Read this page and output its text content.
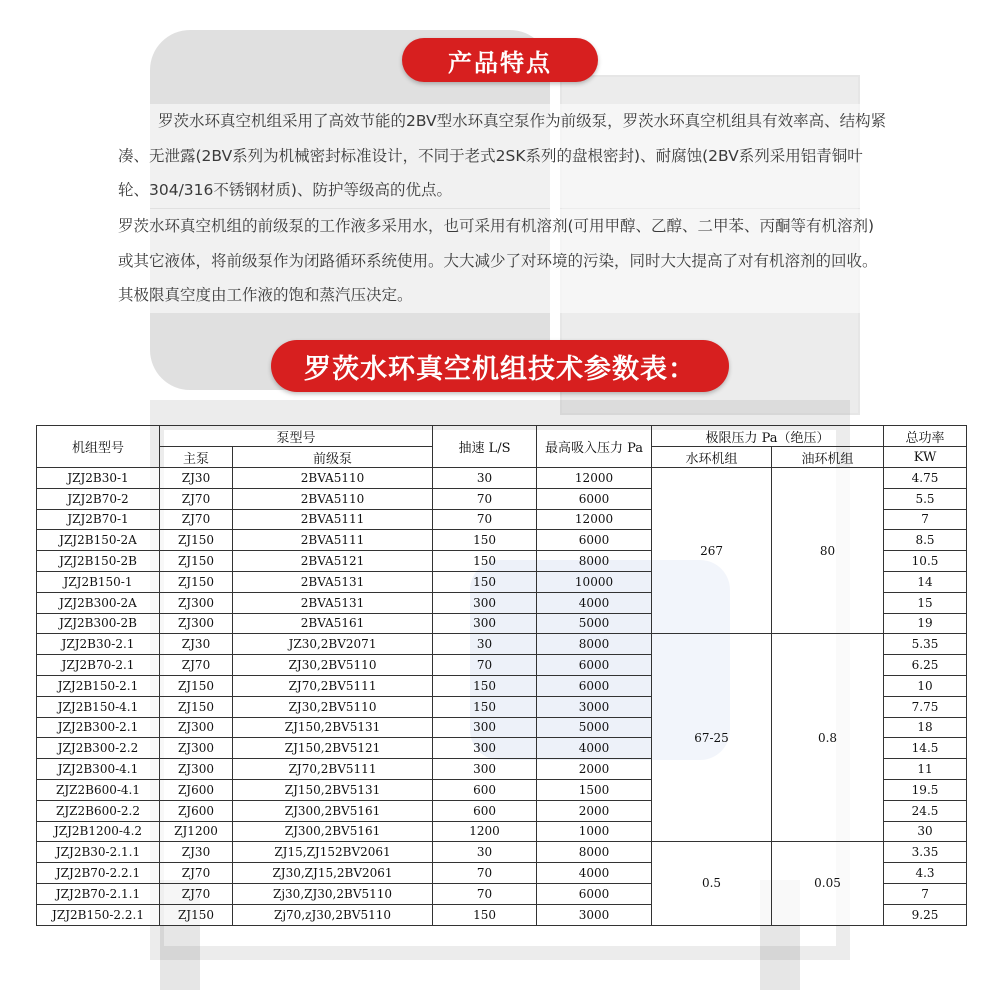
产品特点

罗茨水环真空机组采用了高效节能的2BV型水环真空泵作为前级泵，罗茨水环真空机组具有效率高、结构紧凑、无泄露(2BV系列为机械密封标准设计，不同于老式2SK系列的盘根密封)、耐腐蚀(2BV系列采用铝青铜叶轮、304/316不锈钢材质)、防护等级高的优点。

罗茨水环真空机组的前级泵的工作液多采用水，也可采用有机溶剂(可用甲醇、乙醇、二甲苯、丙酮等有机溶剂)或其它液体，将前级泵作为闭路循环系统使用。大大减少了对环境的污染，同时大大提高了对有机溶剂的回收。其极限真空度由工作液的饱和蒸汽压决定。

罗茨水环真空机组技术参数表：
机组型号	泵型号		抽速 L/S	最高吸入压力 Pa	极限压力 Pa（绝压）		总功率
	主泵	前级泵			水环机组	油环机组	KW
JZJ2B30-1	ZJ30	2BVA5110	30	12000	267	80	4.75
JZJ2B70-2	ZJ70	2BVA5110	70	6000			5.5
JZJ2B70-1	ZJ70	2BVA5111	70	12000			7
JZJ2B150-2A	ZJ150	2BVA5111	150	6000			8.5
JZJ2B150-2B	ZJ150	2BVA5121	150	8000			10.5
JZJ2B150-1	ZJ150	2BVA5131	150	10000			14
JZJ2B300-2A	ZJ300	2BVA5131	300	4000			15
JZJ2B300-2B	ZJ300	2BVA5161	300	5000			19
JZJ2B30-2.1	ZJ30	JZ30,2BV2071	30	8000	67-25	0.8	5.35
JZJ2B70-2.1	ZJ70	ZJ30,2BV5110	70	6000			6.25
JZJ2B150-2.1	ZJ150	ZJ70,2BV5111	150	6000			10
JZJ2B150-4.1	ZJ150	ZJ30,2BV5110	150	3000			7.75
JZJ2B300-2.1	ZJ300	ZJ150,2BV5131	300	5000			18
JZJ2B300-2.2	ZJ300	ZJ150,2BV5121	300	4000			14.5
JZJ2B300-4.1	ZJ300	ZJ70,2BV5111	300	2000			11
ZJZ2B600-4.1	ZJ600	ZJ150,2BV5131	600	1500			19.5
ZJZ2B600-2.2	ZJ600	ZJ300,2BV5161	600	2000			24.5
JZJ2B1200-4.2	ZJ1200	ZJ300,2BV5161	1200	1000			30
JZJ2B30-2.1.1	ZJ30	ZJ15,ZJ152BV2061	30	8000	0.5	0.05	3.35
JZJ2B70-2.2.1	ZJ70	ZJ30,ZJ15,2BV2061	70	4000			4.3
JZJ2B70-2.1.1	ZJ70	Zj30,ZJ30,2BV5110	70	6000			7
JZJ2B150-2.2.1	ZJ150	Zj70,zJ30,2BV5110	150	3000			9.25
